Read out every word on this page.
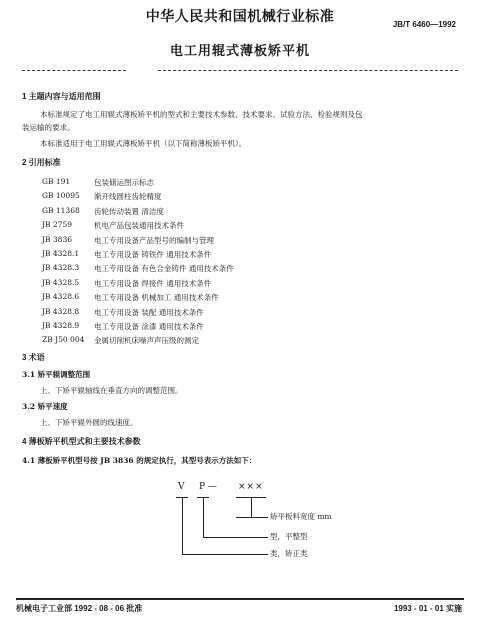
中华人民共和国机械行业标准	JB/T 6460—1992
电工用辊式薄板矫平机
1 主题内容与适用范围
本标准规定了电工用辊式薄板矫平机的型式和主要技术参数、技术要求、试验方法、检验规则及包
装运输的要求。
本标准适用于电工用辊式薄板矫平机（以下简称薄板矫平机）。
2 引用标准
GB 191	包装储运图示标志
GB 10095 渐开线圆柱齿轮精度
GB 11368 齿轮传动装置 清洁度
JB 2759	机电产品包装通用技术条件
JB 3836	电工专用设备产品型号的编制与管理
JB 4328.1 电工专用设备 铸铁件 通用技术条件
JB 4328.3 电工专用设备 有色合金铸件 通用技术条件
JB 4328.5 电工专用设备 焊接件 通用技术条件
JB 4328.6 电工专用设备 机械加工 通用技术条件
JB 4328.8 电工专用设备 装配 通用技术条件
JB 4328.9 电工专用设备 涂漆 通用技术条件
ZB J50 004 金属切削机床噪声声压级的测定
3 术语
3.1 矫平辊调整范围
上、下矫平辊轴线在垂直方向的调整范围。
3.2 矫平速度
上、下矫平辊外圆的线速度。
4 薄板矫平机型式和主要技术参数
4.1 薄板矫平机型号按 JB 3836 的规定执行，其型号表示方法如下：
V P — ×××
矫平板料宽度 mm
型，平整型
类，矫正类
机械电子工业部 1992 - 08 - 06 批准	1993 - 01 - 01 实施
